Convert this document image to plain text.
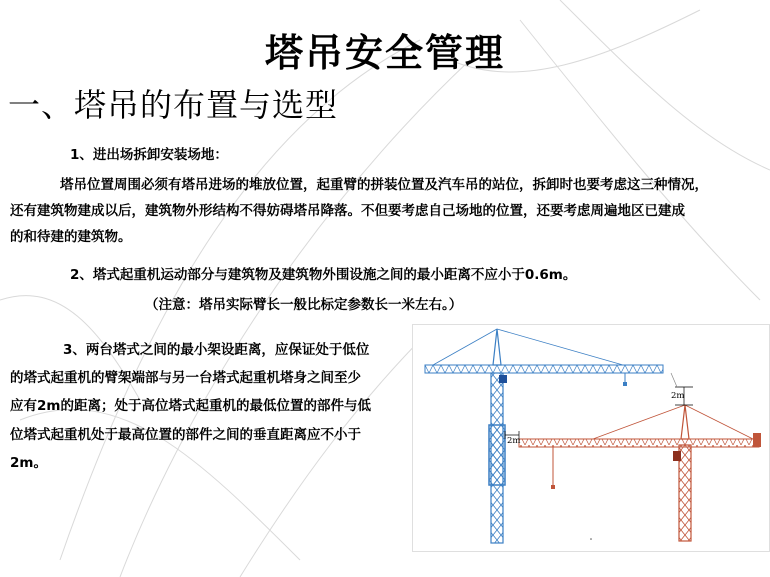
塔吊安全管理
一、塔吊的布置与选型
1、进出场拆卸安装场地：
塔吊位置周围必须有塔吊进场的堆放位置，起重臂的拼装位置及汽车吊的站位，拆卸时也要考虑这三种情况，
还有建筑物建成以后，建筑物外形结构不得妨碍塔吊降落。不但要考虑自己场地的位置，还要考虑周遍地区已建成
的和待建的建筑物。
2、塔式起重机运动部分与建筑物及建筑物外围设施之间的最小距离不应小于0.6m。
（注意：塔吊实际臂长一般比标定参数长一米左右。）
3、两台塔式之间的最小架设距离，应保证处于低位
的塔式起重机的臂架端部与另一台塔式起重机塔身之间至少
应有2m的距离；处于高位塔式起重机的最低位置的部件与低
位塔式起重机处于最高位置的部件之间的垂直距离应不小于
2m。
2m
2m
